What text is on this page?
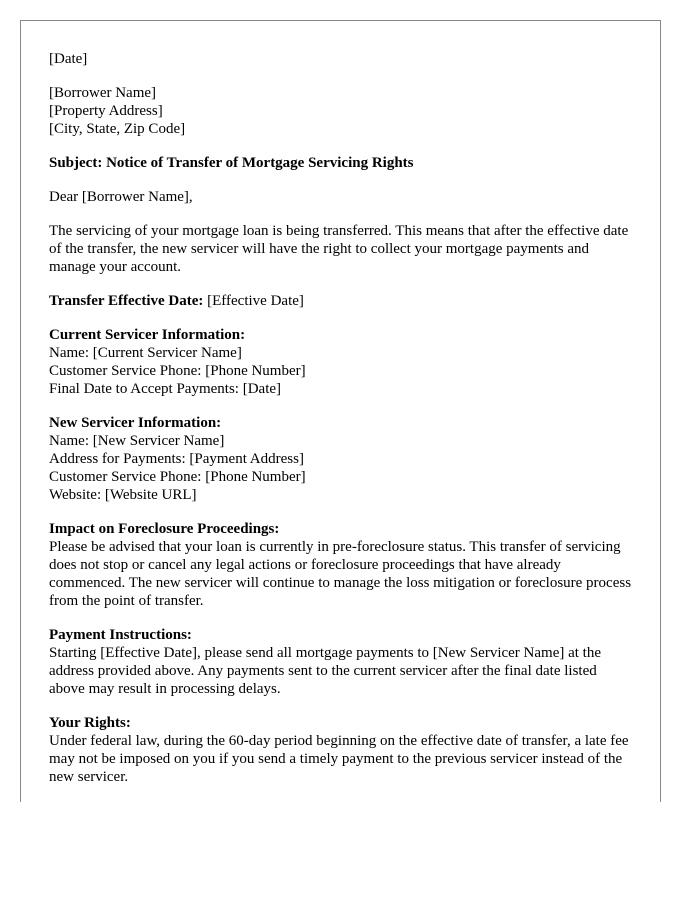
[Date]

[Borrower Name]
[Property Address]
[City, State, Zip Code]

Subject: Notice of Transfer of Mortgage Servicing Rights

Dear [Borrower Name],

The servicing of your mortgage loan is being transferred. This means that after the effective date of the transfer, the new servicer will have the right to collect your mortgage payments and manage your account.

Transfer Effective Date: [Effective Date]

Current Servicer Information:
Name: [Current Servicer Name]
Customer Service Phone: [Phone Number]
Final Date to Accept Payments: [Date]
New Servicer Information:
Name: [New Servicer Name]
Address for Payments: [Payment Address]
Customer Service Phone: [Phone Number]
Website: [Website URL]
Impact on Foreclosure Proceedings:
Please be advised that your loan is currently in pre-foreclosure status. This transfer of servicing does not stop or cancel any legal actions or foreclosure proceedings that have already commenced. The new servicer will continue to manage the loss mitigation or foreclosure process from the point of transfer.
Payment Instructions:
Starting [Effective Date], please send all mortgage payments to [New Servicer Name] at the address provided above. Any payments sent to the current servicer after the final date listed above may result in processing delays.
Your Rights:
Under federal law, during the 60-day period beginning on the effective date of transfer, a late fee may not be imposed on you if you send a timely payment to the previous servicer instead of the new servicer.
